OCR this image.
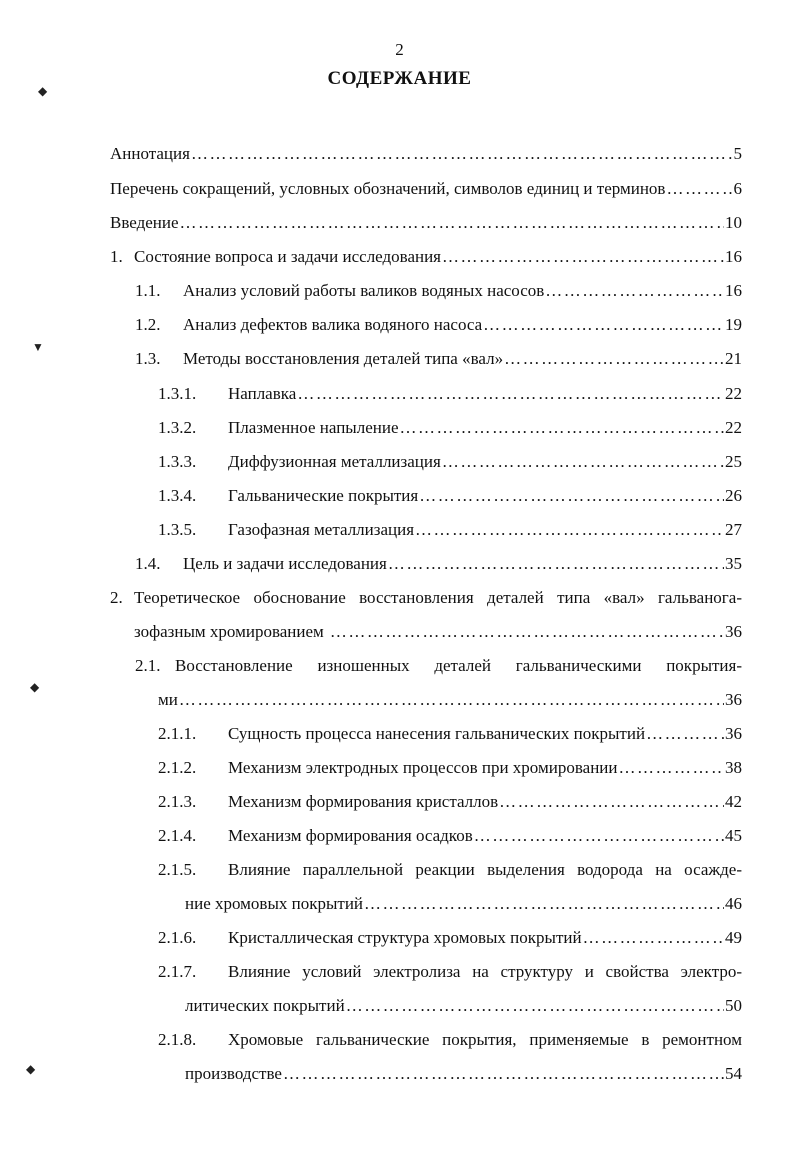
2
СОДЕРЖАНИЕ
◆
▼
◆
◆
Аннотация …………………………………………………………………………………………………………………………………………………………………………	5
Перечень сокращений, условных обозначений, символов единиц и терминов …………………………………………………………………………………………………………………………………………………………………………	6
Введение …………………………………………………………………………………………………………………………………………………………………………	10
1. Состояние вопроса и задачи исследования …………………………………………………………………………………………………………………………………………………………………………	16
1.1.	Анализ условий работы валиков водяных насосов …………………………………………………………………………………………………………………………………………………………………………	16
1.2.	Анализ дефектов валика водяного насоса …………………………………………………………………………………………………………………………………………………………………………	19
1.3.	Методы восстановления деталей типа «вал» …………………………………………………………………………………………………………………………………………………………………………	21
1.3.1.	Наплавка …………………………………………………………………………………………………………………………………………………………………………	22
1.3.2.	Плазменное напыление …………………………………………………………………………………………………………………………………………………………………………	22
1.3.3.	Диффузионная металлизация …………………………………………………………………………………………………………………………………………………………………………	25
1.3.4.	Гальванические покрытия …………………………………………………………………………………………………………………………………………………………………………	26
1.3.5.	Газофазная металлизация …………………………………………………………………………………………………………………………………………………………………………	27
1.4.	Цель и задачи исследования …………………………………………………………………………………………………………………………………………………………………………	35
2. Теоретическое обоснование восстановления деталей типа «вал» гальванога-
зофазным хромированием …………………………………………………………………………………………………………………………………………………………………………	36
2.1. Восстановление изношенных деталей гальваническими покрытия-
ми …………………………………………………………………………………………………………………………………………………………………………	36
2.1.1.	Сущность процесса нанесения гальванических покрытий …………………………………………………………………………………………………………………………………………………………………………	36
2.1.2.	Механизм электродных процессов при хромировании …………………………………………………………………………………………………………………………………………………………………………	38
2.1.3.	Механизм формирования кристаллов …………………………………………………………………………………………………………………………………………………………………………	42
2.1.4.	Механизм формирования осадков …………………………………………………………………………………………………………………………………………………………………………	45
2.1.5. Влияние параллельной реакции выделения водорода на осажде-
ние хромовых покрытий …………………………………………………………………………………………………………………………………………………………………………	46
2.1.6.	Кристаллическая структура хромовых покрытий …………………………………………………………………………………………………………………………………………………………………………	49
2.1.7. Влияние условий электролиза на структуру и свойства электро-
литических покрытий …………………………………………………………………………………………………………………………………………………………………………	50
2.1.8. Хромовые гальванические покрытия, применяемые в ремонтном
производстве …………………………………………………………………………………………………………………………………………………………………………	54
